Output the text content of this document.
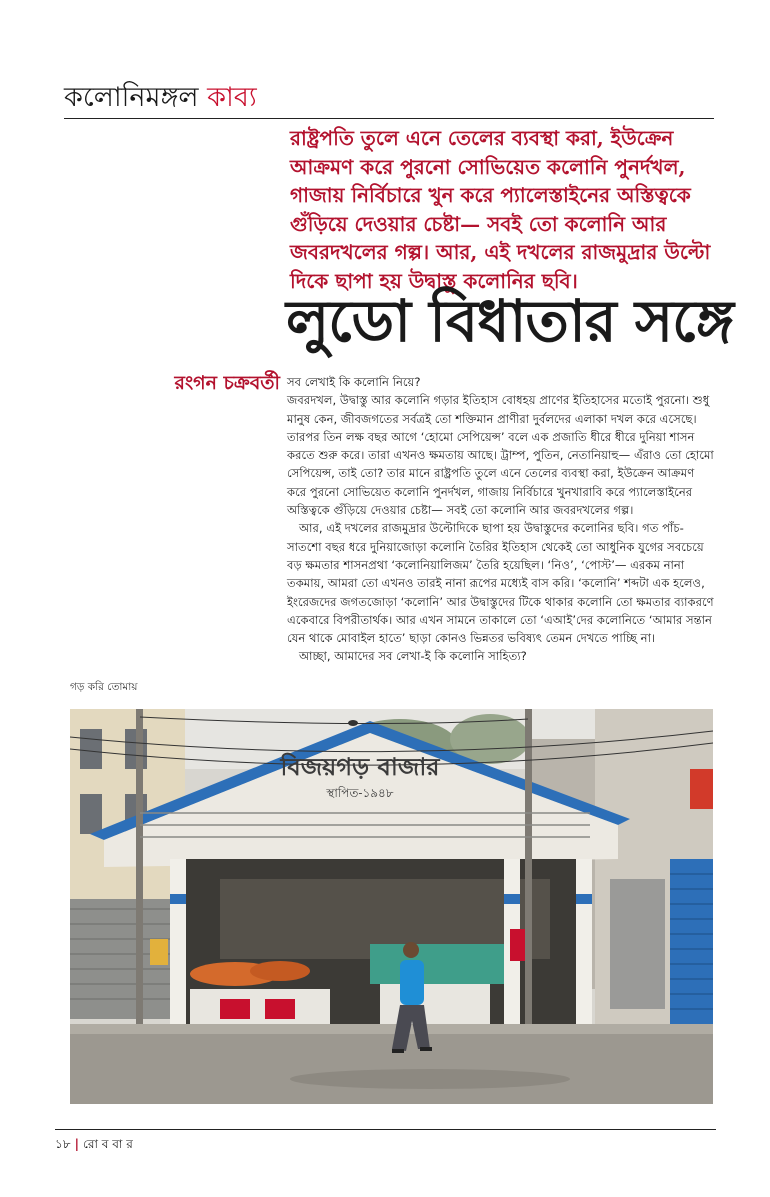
কলোনিমঙ্গল কাব্য

রাষ্ট্রপতি তুলে এনে তেলের ব্যবস্থা করা, ইউক্রেন আক্রমণ করে পুরনো সোভিয়েত কলোনি পুনর্দখল, গাজায় নির্বিচারে খুন করে প্যালেস্তাইনের অস্তিত্বকে গুঁড়িয়ে দেওয়ার চেষ্টা— সবই তো কলোনি আর জবরদখলের গল্প। আর, এই দখলের রাজমুদ্রার উল্টো দিকে ছাপা হয় উদ্বাস্তু কলোনির ছবি।

লুডো বিধাতার সঙ্গে
রংগন চক্রবর্তী সব লেখাই কি কলোনি নিয়ে?

জবরদখল, উদ্বাস্তু আর কলোনি গড়ার ইতিহাস বোধহয় প্রাণের ইতিহাসের মতোই পুরনো। শুধু মানুষ কেন, জীবজগতের সর্বত্রই তো শক্তিমান প্রাণীরা দুর্বলদের এলাকা দখল করে এসেছে। তারপর তিন লক্ষ বছর আগে ‘হোমো সেপিয়েন্স’ বলে এক প্রজাতি ধীরে ধীরে দুনিয়া শাসন করতে শুরু করে। তারা এখনও ক্ষমতায় আছে। ট্রাম্প, পুতিন, নেতানিয়াহু— এঁরাও তো হোমো সেপিয়েন্স, তাই তো? তার মানে রাষ্ট্রপতি তুলে এনে তেলের ব্যবস্থা করা, ইউক্রেন আক্রমণ করে পুরনো সোভিয়েত কলোনি পুনর্দখল, গাজায় নির্বিচারে খুনখারাবি করে প্যালেস্তাইনের অস্তিত্বকে গুঁড়িয়ে দেওয়ার চেষ্টা— সবই তো কলোনি আর জবরদখলের গল্প।

আর, এই দখলের রাজমুদ্রার উল্টোদিকে ছাপা হয় উদ্বাস্তুদের কলোনির ছবি। গত পাঁচ-সাতশো বছর ধরে দুনিয়াজোড়া কলোনি তৈরির ইতিহাস থেকেই তো আধুনিক যুগের সবচেয়ে বড় ক্ষমতার শাসনপ্রথা ‘কলোনিয়ালিজম’ তৈরি হয়েছিল। ‘নিও’, ‘পোস্ট’— এরকম নানা তকমায়, আমরা তো এখনও তারই নানা রূপের মধ্যেই বাস করি। ‘কলোনি’ শব্দটা এক হলেও, ইংরেজদের জগতজোড়া ‘কলোনি’ আর উদ্বাস্তুদের টিকে থাকার কলোনি তো ক্ষমতার ব্যাকরণে একেবারে বিপরীতার্থক। আর এখন সামনে তাকালে তো ‘এআই’দের কলোনিতে ‘আমার সন্তান যেন থাকে মোবাইল হাতে’ ছাড়া কোনও ভিন্নতর ভবিষ্যৎ তেমন দেখতে পাচ্ছি না।

আচ্ছা, আমাদের সব লেখা-ই কি কলোনি সাহিত্য?

গড় করি তোমায়
বিজয়গড় বাজার
স্থাপিত-১৯৪৮
১৮ | রো ব বা র
